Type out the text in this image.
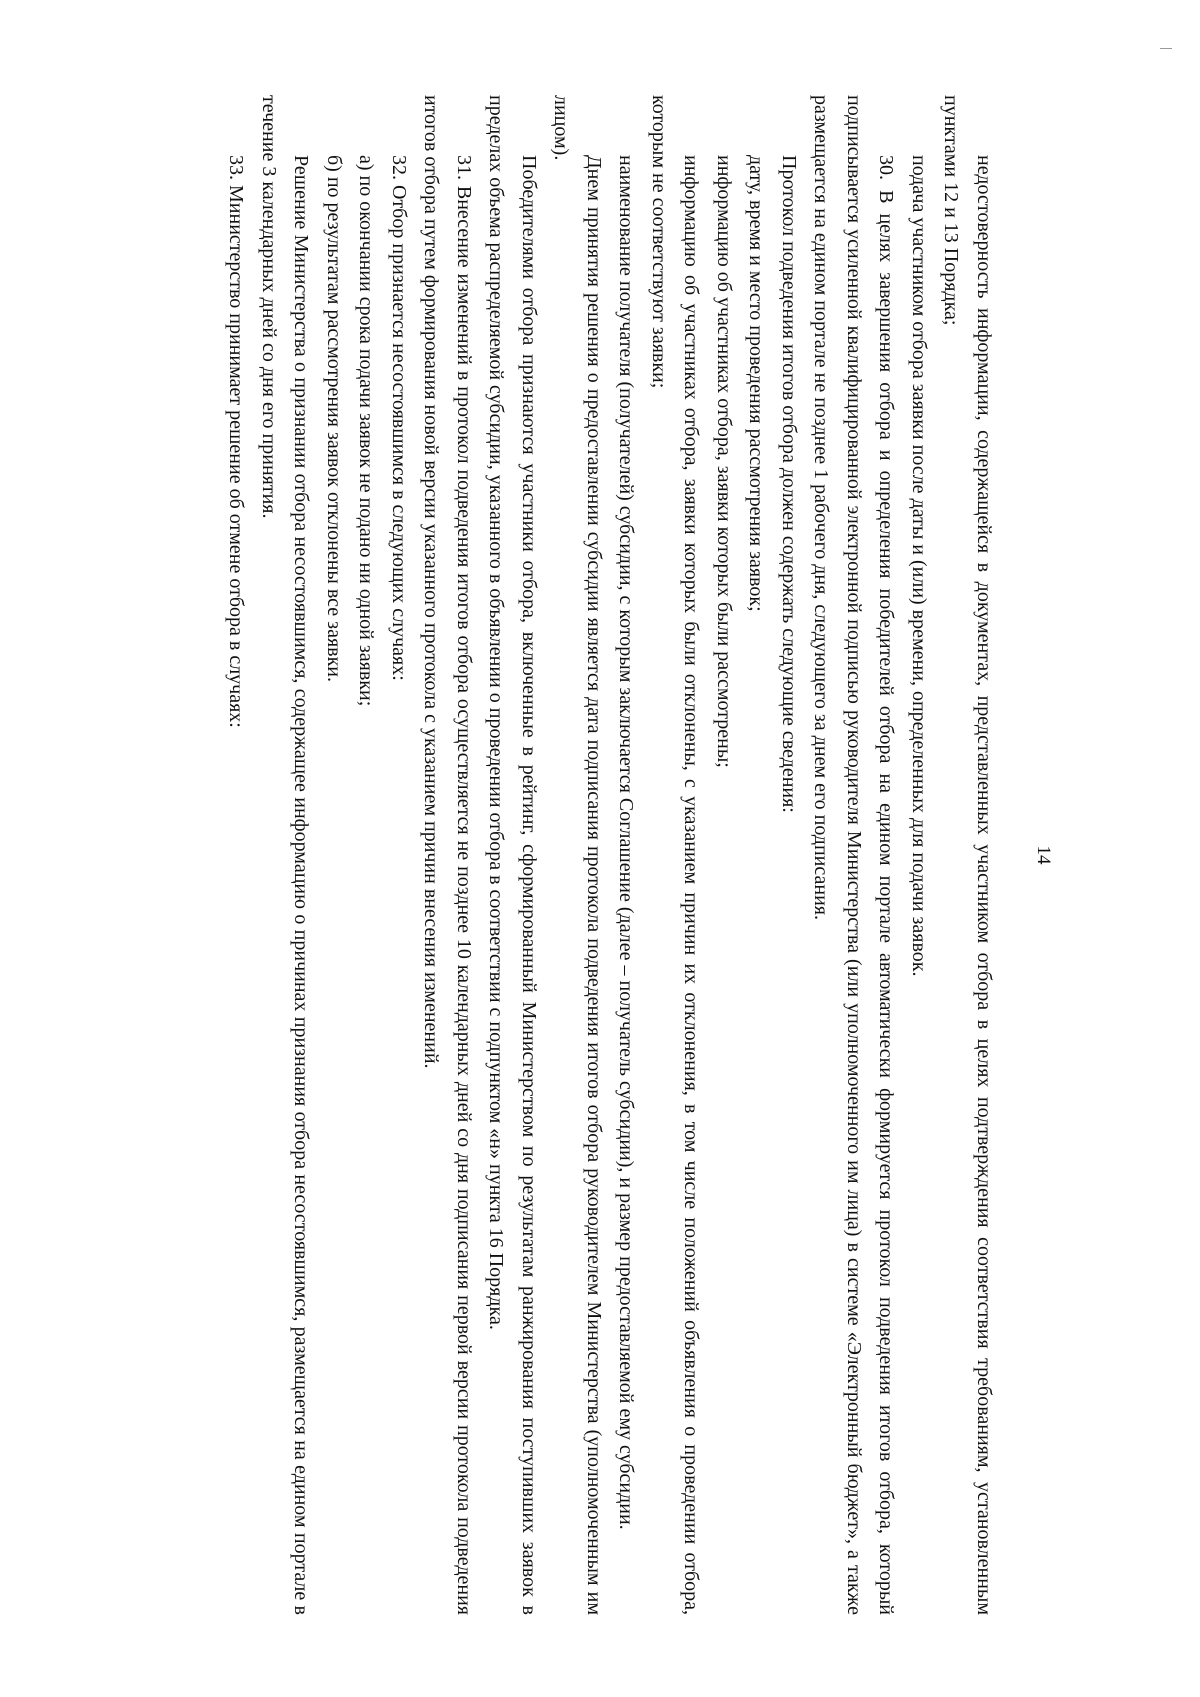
14

недостоверность информации, содержащейся в документах, представленных участником отбора в целях подтверждения соответствия требованиям, установленным пунктами 12 и 13 Порядка;

подача участником отбора заявки после даты и (или) времени, определенных для подачи заявок.

30. В целях завершения отбора и определения победителей отбора на едином портале автоматически формируется протокол подведения итогов отбора, который подписывается усиленной квалифицированной электронной подписью руководителя Министерства (или уполномоченного им лица) в системе «Электронный бюджет», а также размещается на едином портале не позднее 1 рабочего дня, следующего за днем его подписания.

Протокол подведения итогов отбора должен содержать следующие сведения:

дату, время и место проведения рассмотрения заявок;

информацию об участниках отбора, заявки которых были рассмотрены;

информацию об участниках отбора, заявки которых были отклонены, с указанием причин их отклонения, в том числе положений объявления о проведении отбора, которым не соответствуют заявки;

наименование получателя (получателей) субсидии, с которым заключается Соглашение (далее – получатель субсидии), и размер предоставляемой ему субсидии.

Днем принятия решения о предоставлении субсидии является дата подписания протокола подведения итогов отбора руководителем Министерства (уполномоченным им лицом).

Победителями отбора признаются участники отбора, включенные в рейтинг, сформированный Министерством по результатам ранжирования поступивших заявок в пределах объема распределяемой субсидии, указанного в объявлении о проведении отбора в соответствии с подпунктом «н» пункта 16 Порядка.

31. Внесение изменений в протокол подведения итогов отбора осуществляется не позднее 10 календарных дней со дня подписания первой версии протокола подведения итогов отбора путем формирования новой версии указанного протокола с указанием причин внесения изменений.

32. Отбор признается несостоявшимся в следующих случаях:

а) по окончании срока подачи заявок не подано ни одной заявки;

б) по результатам рассмотрения заявок отклонены все заявки.

Решение Министерства о признании отбора несостоявшимся, содержащее информацию о причинах признания отбора несостоявшимся, размещается на едином портале в течение 3 календарных дней со дня его принятия.

33. Министерство принимает решение об отмене отбора в случаях:
